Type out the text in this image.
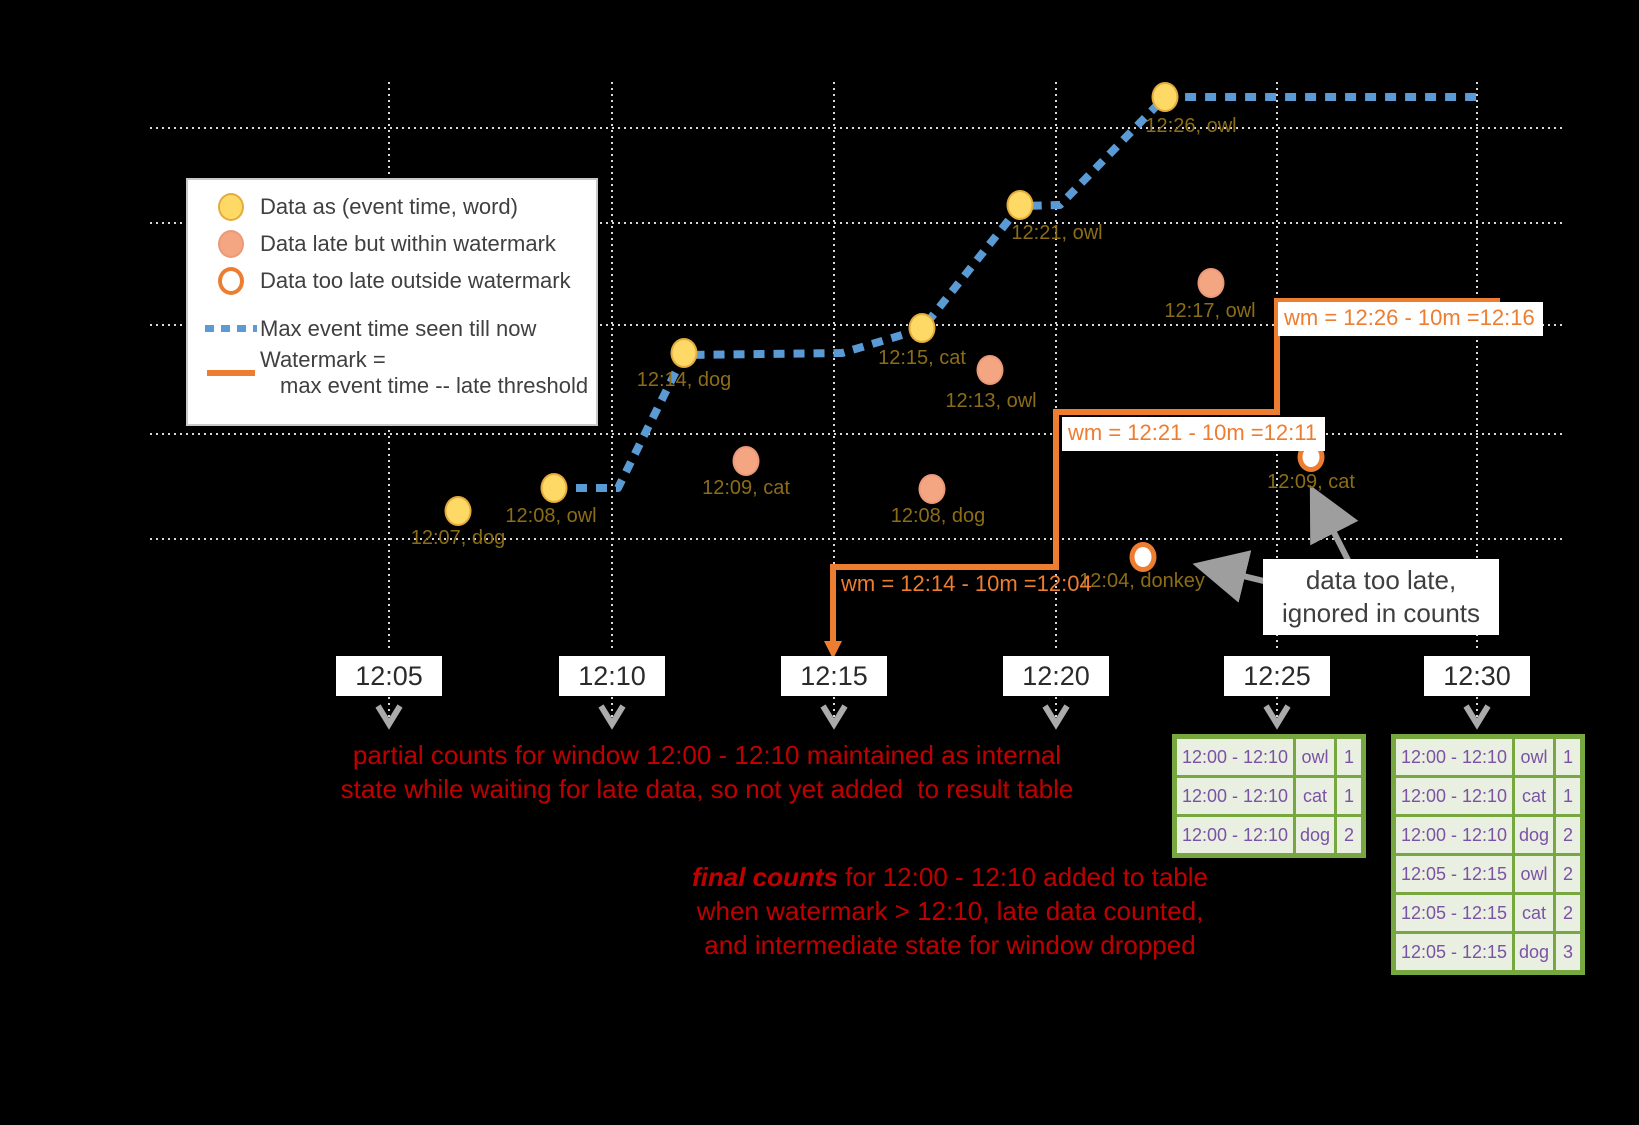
Data as (event time, word)
Data late but within watermark
Data too late outside watermark
Max event time seen till now
Watermark =
max event time -- late threshold
partial counts for window 12:00 - 12:10 maintained as internal
state while waiting for late data, so not yet added  to result table
final counts for 12:00 - 12:10 added to table
when watermark > 12:10, late data counted,
and intermediate state for window dropped
data too late,
ignored in counts
12:05	12:10	12:15	12:20	12:25	12:30
12:07, dog
12:08, owl
12:14, dog
12:09, cat
12:15, cat
12:13, owl
12:08, dog
12:21, owl
12:26, owl
12:17, owl
12:04, donkey
12:09, cat
wm = 12:14 - 10m =12:04
wm = 12:21 - 10m =12:11
wm = 12:26 - 10m =12:16
12:00 - 12:10 owl 1
12:00 - 12:10 cat 1
12:00 - 12:10 dog 2
12:00 - 12:10 owl 1
12:00 - 12:10 cat 1
12:00 - 12:10 dog 2
12:05 - 12:15 owl 2
12:05 - 12:15 cat 2
12:05 - 12:15 dog 3
